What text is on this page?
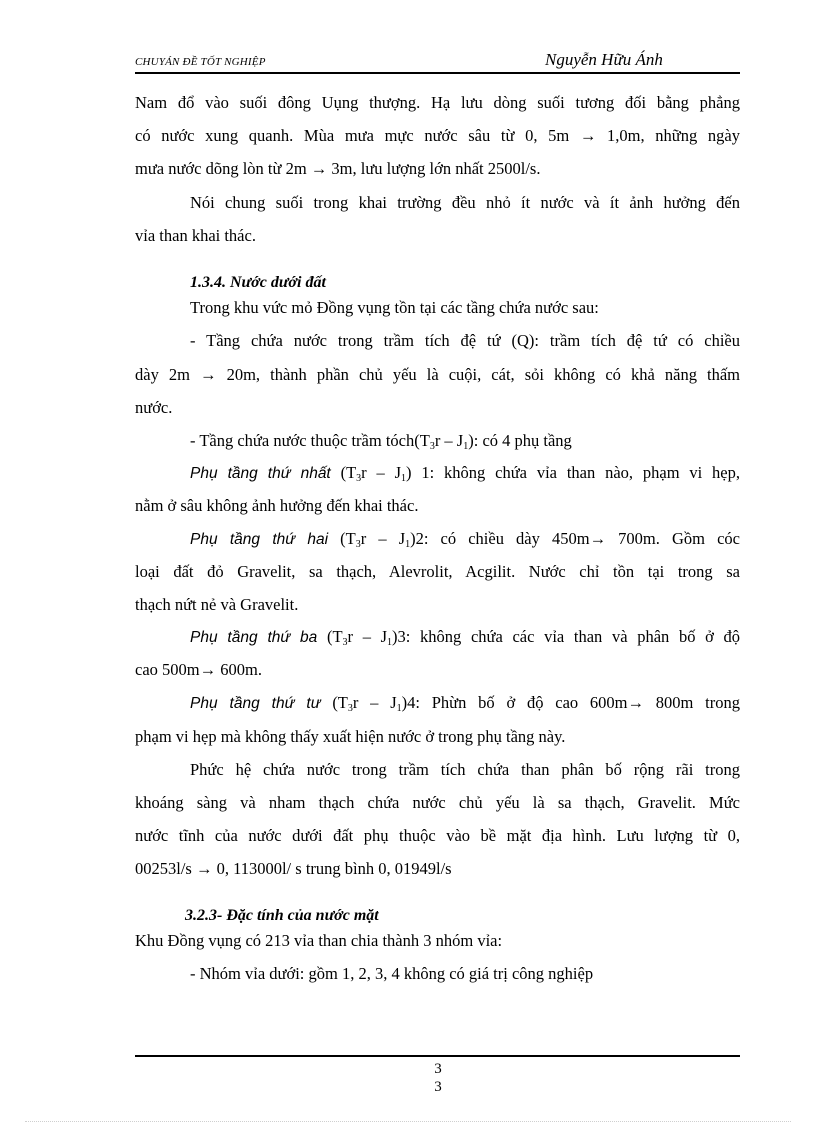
CHUYÁN ĐỀ TỐT NGHIỆP	Nguyễn Hữu Ánh
Nam đổ vào suối đông Uụng thượng. Hạ lưu dòng suối tương đối bằng phẳng
có nước xung quanh. Mùa mưa mực nước sâu từ 0, 5m → 1,0m, những ngày
mưa nước dõng lòn từ 2m → 3m, lưu lượng lớn nhất 2500l/s.
Nói chung suối trong khai trường đều nhỏ ít nước và ít ảnh hưởng đến
vỉa than khai thác.
1.3.4. Nước dưới đất
Trong khu vức mỏ Đồng vụng tồn tại các tầng chứa nước sau:
- Tầng chứa nước trong trầm tích đệ tứ (Q): trầm tích đệ tứ có chiều
dày 2m → 20m, thành phần chủ yếu là cuội, cát, sỏi không có khả năng thấm
nước.
- Tầng chứa nước thuộc trầm $tóch(T_3r - J_1)$: có 4 phụ tầng
Phụ tầng thứ nhất $(T_3r - J_1)$ 1: không chứa vỉa than nào, phạm vi hẹp,
nằm ở sâu không ảnh hưởng đến khai thác.
Phụ tầng thứ hai $(T_3r - J_1)2$: có chiều dày 450m→ 700m. Gồm cóc
loại đất đỏ Gravelit, sa thạch, Alevrolit, Acgilit. Nước chỉ tồn tại trong sa
thạch nứt nẻ và Gravelit.
Phụ tầng thứ ba $(T_3r - J_1)3$: không chứa các vỉa than và phân bố ở độ
cao 500m→ 600m.
Phụ tầng thứ tư $(T_3r - J_1)4$: Phừn bố ở độ cao 600m→ 800m trong
phạm vi hẹp mà không thấy xuất hiện nước ở trong phụ tầng này.
Phức hệ chứa nước trong trầm tích chứa than phân bố rộng rãi trong
khoáng sàng và nham thạch chứa nước chủ yếu là sa thạch, Gravelit. Mức
nước tĩnh của nước dưới đất phụ thuộc vào bề mặt địa hình. Lưu lượng từ 0,
00253l/s → 0, 113000l/ s trung bình 0, 01949l/s
3.2.3- Đặc tính của nước mặt
Khu Đồng vụng có 213 vỉa than chia thành 3 nhóm vỉa:
- Nhóm vỉa dưới: gồm 1, 2, 3, 4 không có giá trị công nghiệp
3
3
